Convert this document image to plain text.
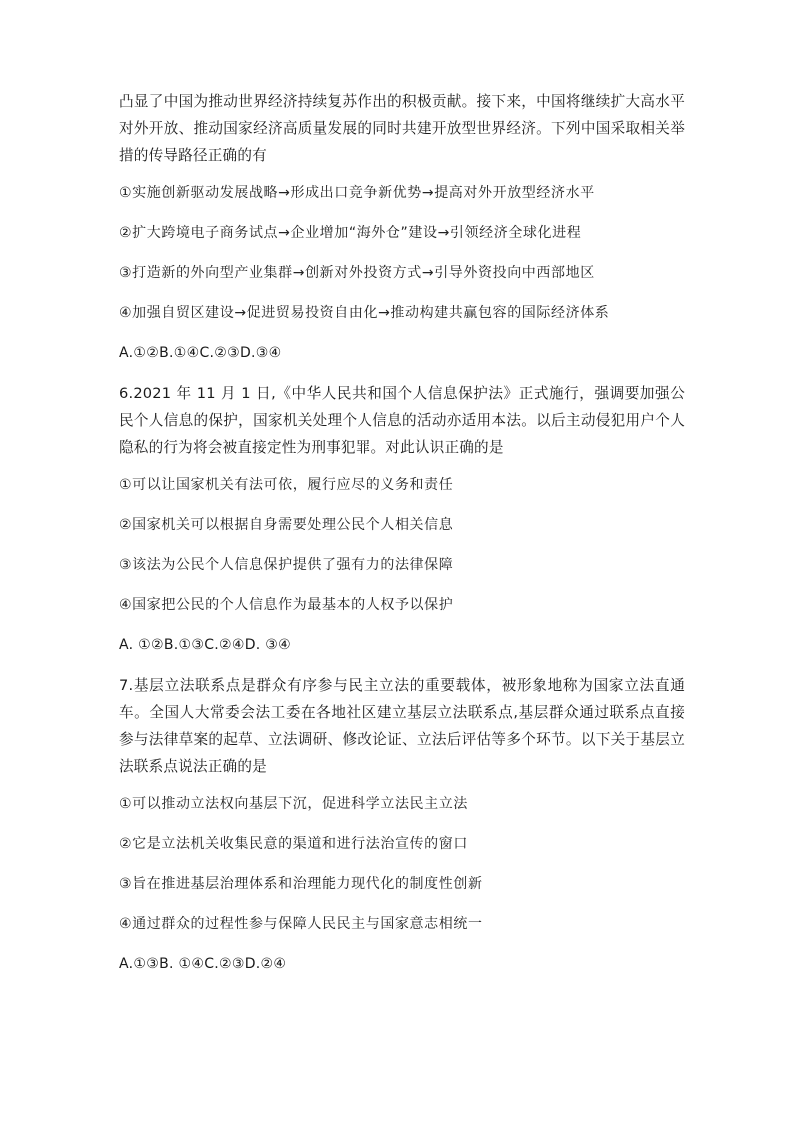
凸显了中国为推动世界经济持续复苏作出的积极贡献。接下来，中国将继续扩大高水平对外开放、推动国家经济高质量发展的同时共建开放型世界经济。下列中国采取相关举措的传导路径正确的有

①实施创新驱动发展战略→形成出口竞争新优势→提高对外开放型经济水平

②扩大跨境电子商务试点→企业增加“海外仓”建设→引领经济全球化进程

③打造新的外向型产业集群→创新对外投资方式→引导外资投向中西部地区

④加强自贸区建设→促进贸易投资自由化→推动构建共赢包容的国际经济体系

A.①②B.①④C.②③D.③④

6.2021 年 11 月 1 日,《中华人民共和国个人信息保护法》正式施行，强调要加强公民个人信息的保护，国家机关处理个人信息的活动亦适用本法。以后主动侵犯用户个人隐私的行为将会被直接定性为刑事犯罪。对此认识正确的是

①可以让国家机关有法可依，履行应尽的义务和责任

②国家机关可以根据自身需要处理公民个人相关信息

③该法为公民个人信息保护提供了强有力的法律保障

④国家把公民的个人信息作为最基本的人权予以保护

A. ①②B.①③C.②④D. ③④

7.基层立法联系点是群众有序参与民主立法的重要载体，被形象地称为国家立法直通车。全国人大常委会法工委在各地社区建立基层立法联系点,基层群众通过联系点直接参与法律草案的起草、立法调研、修改论证、立法后评估等多个环节。以下关于基层立法联系点说法正确的是

①可以推动立法权向基层下沉，促进科学立法民主立法

②它是立法机关收集民意的渠道和进行法治宣传的窗口

③旨在推进基层治理体系和治理能力现代化的制度性创新

④通过群众的过程性参与保障人民民主与国家意志相统一

A.①③B. ①④C.②③D.②④
